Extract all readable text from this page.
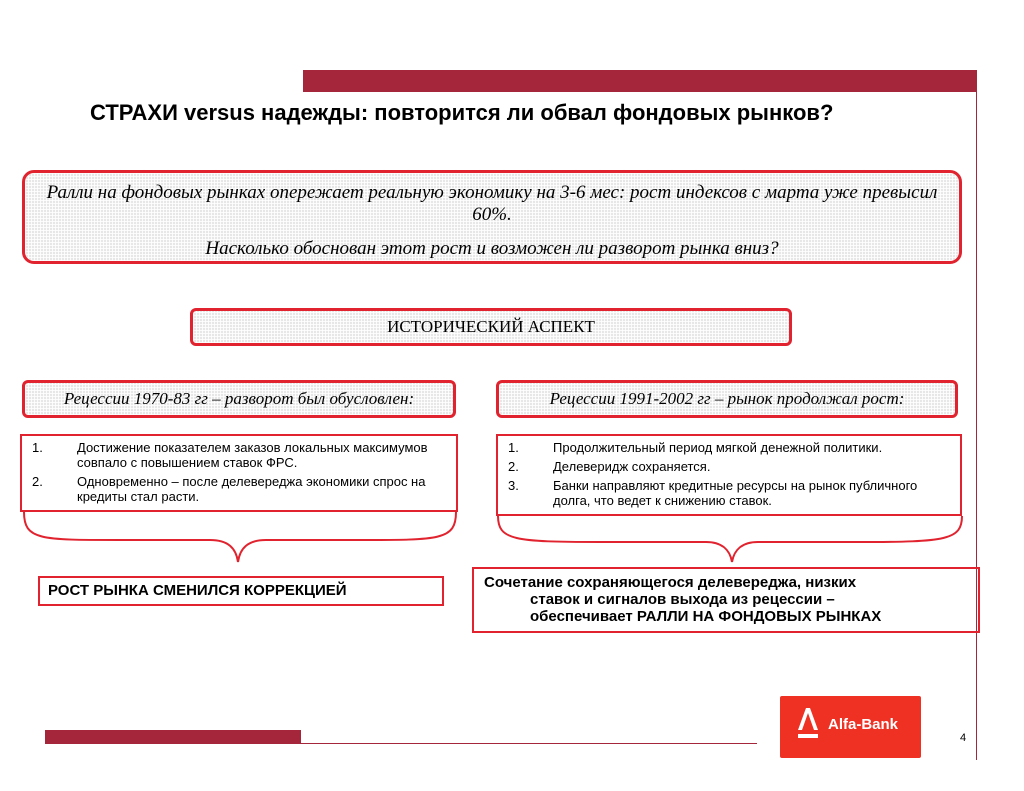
СТРАХИ versus надежды: повторится ли обвал фондовых рынков?

Ралли на фондовых рынках опережает реальную экономику на 3-6 мес: рост индексов с марта уже превысил 60%.

Насколько обоснован этот рост и возможен ли разворот рынка вниз?

ИСТОРИЧЕСКИЙ АСПЕКТ
Рецессии 1970-83 гг – разворот был обусловлен:	Рецессии 1991-2002 гг – рынок продолжал рост:
1.	Достижение показателем заказов локальных максимумов совпало с повышением ставок ФРС.
2.	Одновременно – после делевереджа экономики спрос на кредиты стал расти.
1.	Продолжительный период мягкой денежной политики.
2.	Делеверидж сохраняется.
3.	Банки направляют кредитные ресурсы на рынок публичного долга, что ведет к снижению ставок.
РОСТ РЫНКА СМЕНИЛСЯ КОРРЕКЦИЕЙ	Сочетание сохраняющегося делевереджа, низких
ставок и сигналов выхода из рецессии –
обеспечивает РАЛЛИ НА ФОНДОВЫХ РЫНКАХ
Alfa-Bank
4
